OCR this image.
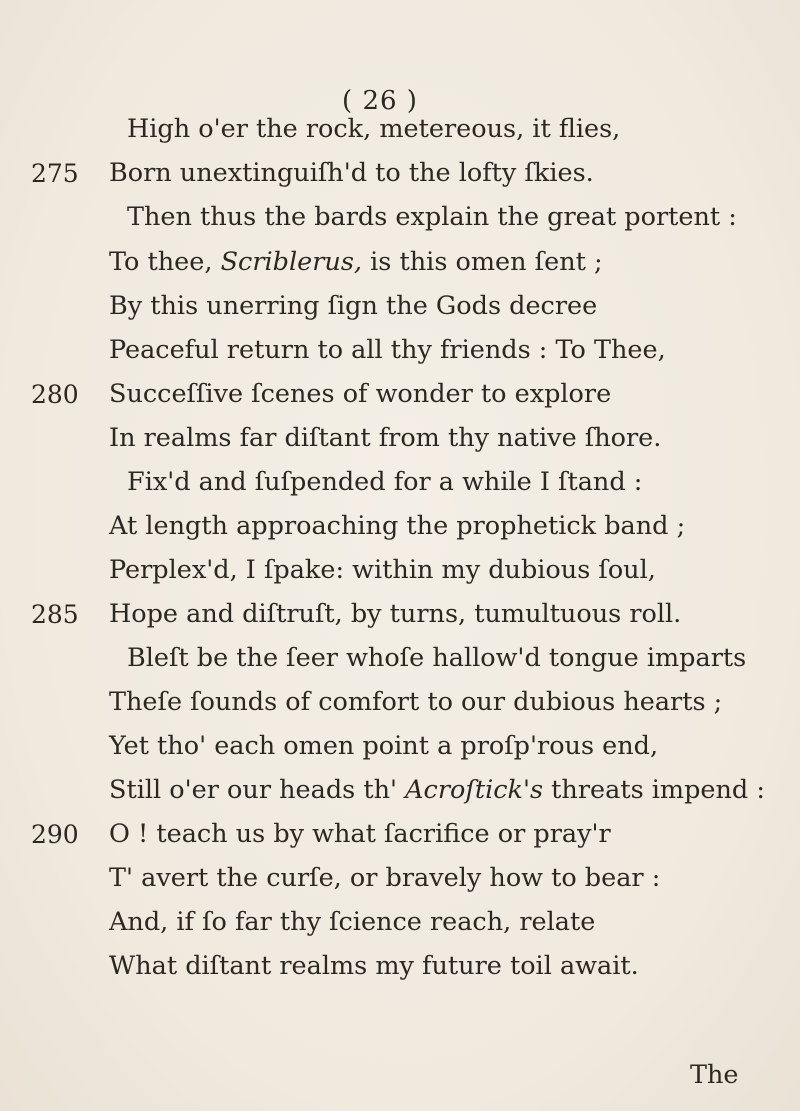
( 26 )
High o'er the rock, metereous, it flies,
275	Born unextinguiſh'd to the lofty ſkies.
Then thus the bards explain the great portent :
To thee, Scriblerus, is this omen ſent ;
By this unerring ſign the Gods decree
Peaceful return to all thy friends : To Thee,
280	Succeſſive ſcenes of wonder to explore
In realms far diſtant from thy native ſhore.
Fix'd and ſuſpended for a while I ſtand :
At length approaching the prophetick band ;
Perplex'd, I ſpake: within my dubious ſoul,
285	Hope and diſtruſt, by turns, tumultuous roll.
Bleſt be the ſeer whoſe hallow'd tongue imparts
Theſe ſounds of comfort to our dubious hearts ;
Yet tho' each omen point a proſp'rous end,
Still o'er our heads th' Acroſtick's threats impend :
290	O ! teach us by what ſacrifice or pray'r
T' avert the curſe, or bravely how to bear :
And, if ſo far thy ſcience reach, relate
What diſtant realms my future toil await.
The
